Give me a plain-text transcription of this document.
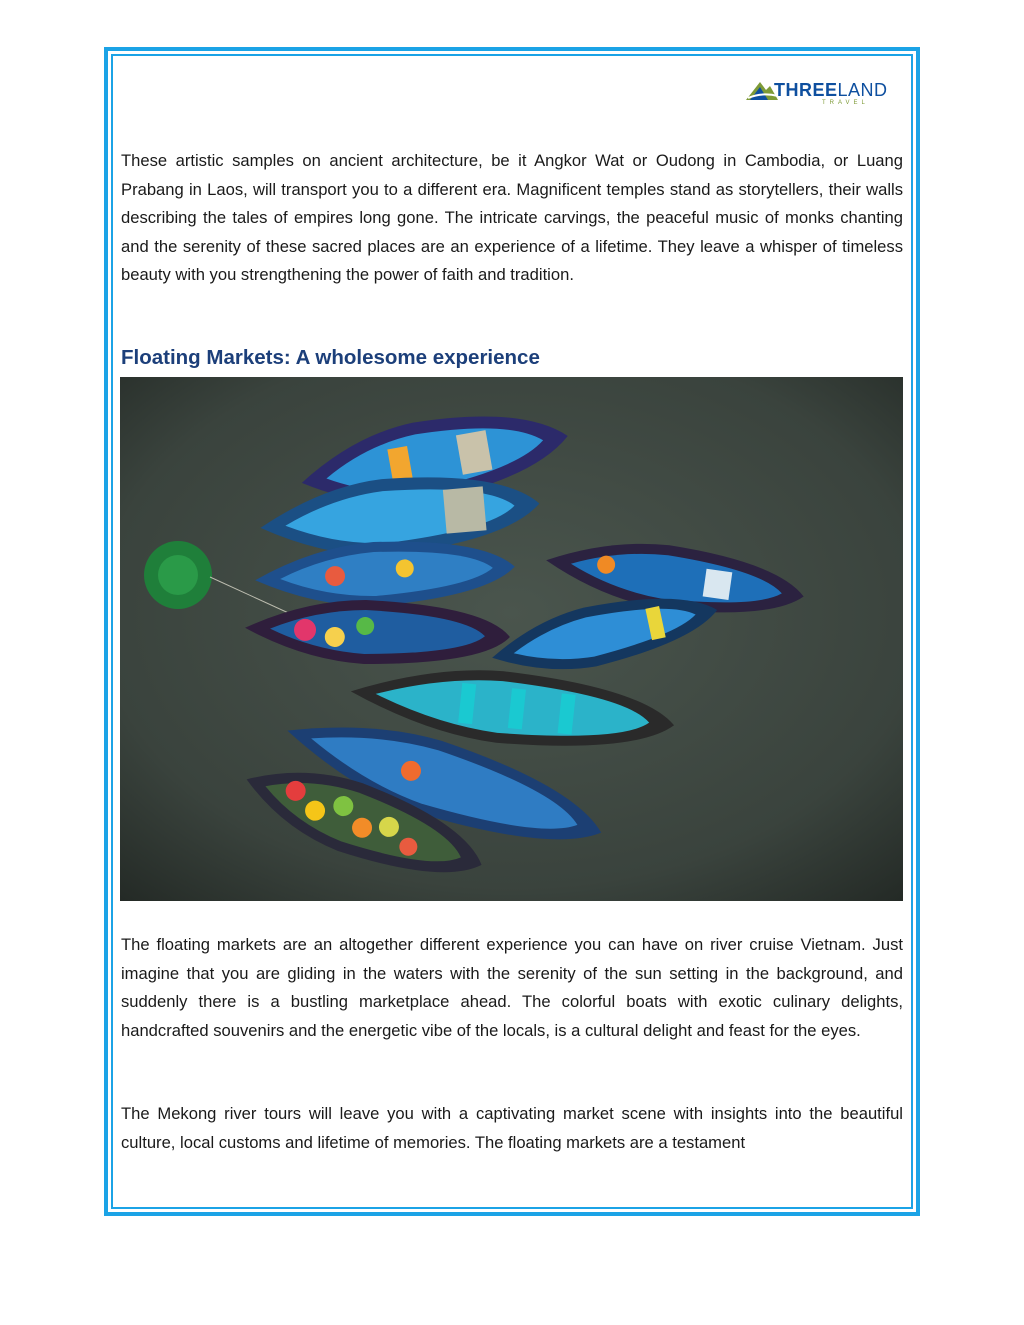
THREELAND
TRAVEL

These artistic samples on ancient architecture, be it Angkor Wat or Oudong in Cambodia, or Luang Prabang in Laos, will transport you to a different era. Magnificent temples stand as storytellers, their walls describing the tales of empires long gone. The intricate carvings, the peaceful music of monks chanting and the serenity of these sacred places are an experience of a lifetime. They leave a whisper of timeless beauty with you strengthening the power of faith and tradition.

Floating Markets: A wholesome experience

The floating markets are an altogether different experience you can have on river cruise Vietnam. Just imagine that you are gliding in the waters with the serenity of the sun setting in the background, and suddenly there is a bustling marketplace ahead. The colorful boats with exotic culinary delights, handcrafted souvenirs and the energetic vibe of the locals, is a cultural delight and feast for the eyes.

The Mekong river tours will leave you with a captivating market scene with insights into the beautiful culture, local customs and lifetime of memories. The floating markets are a testament
